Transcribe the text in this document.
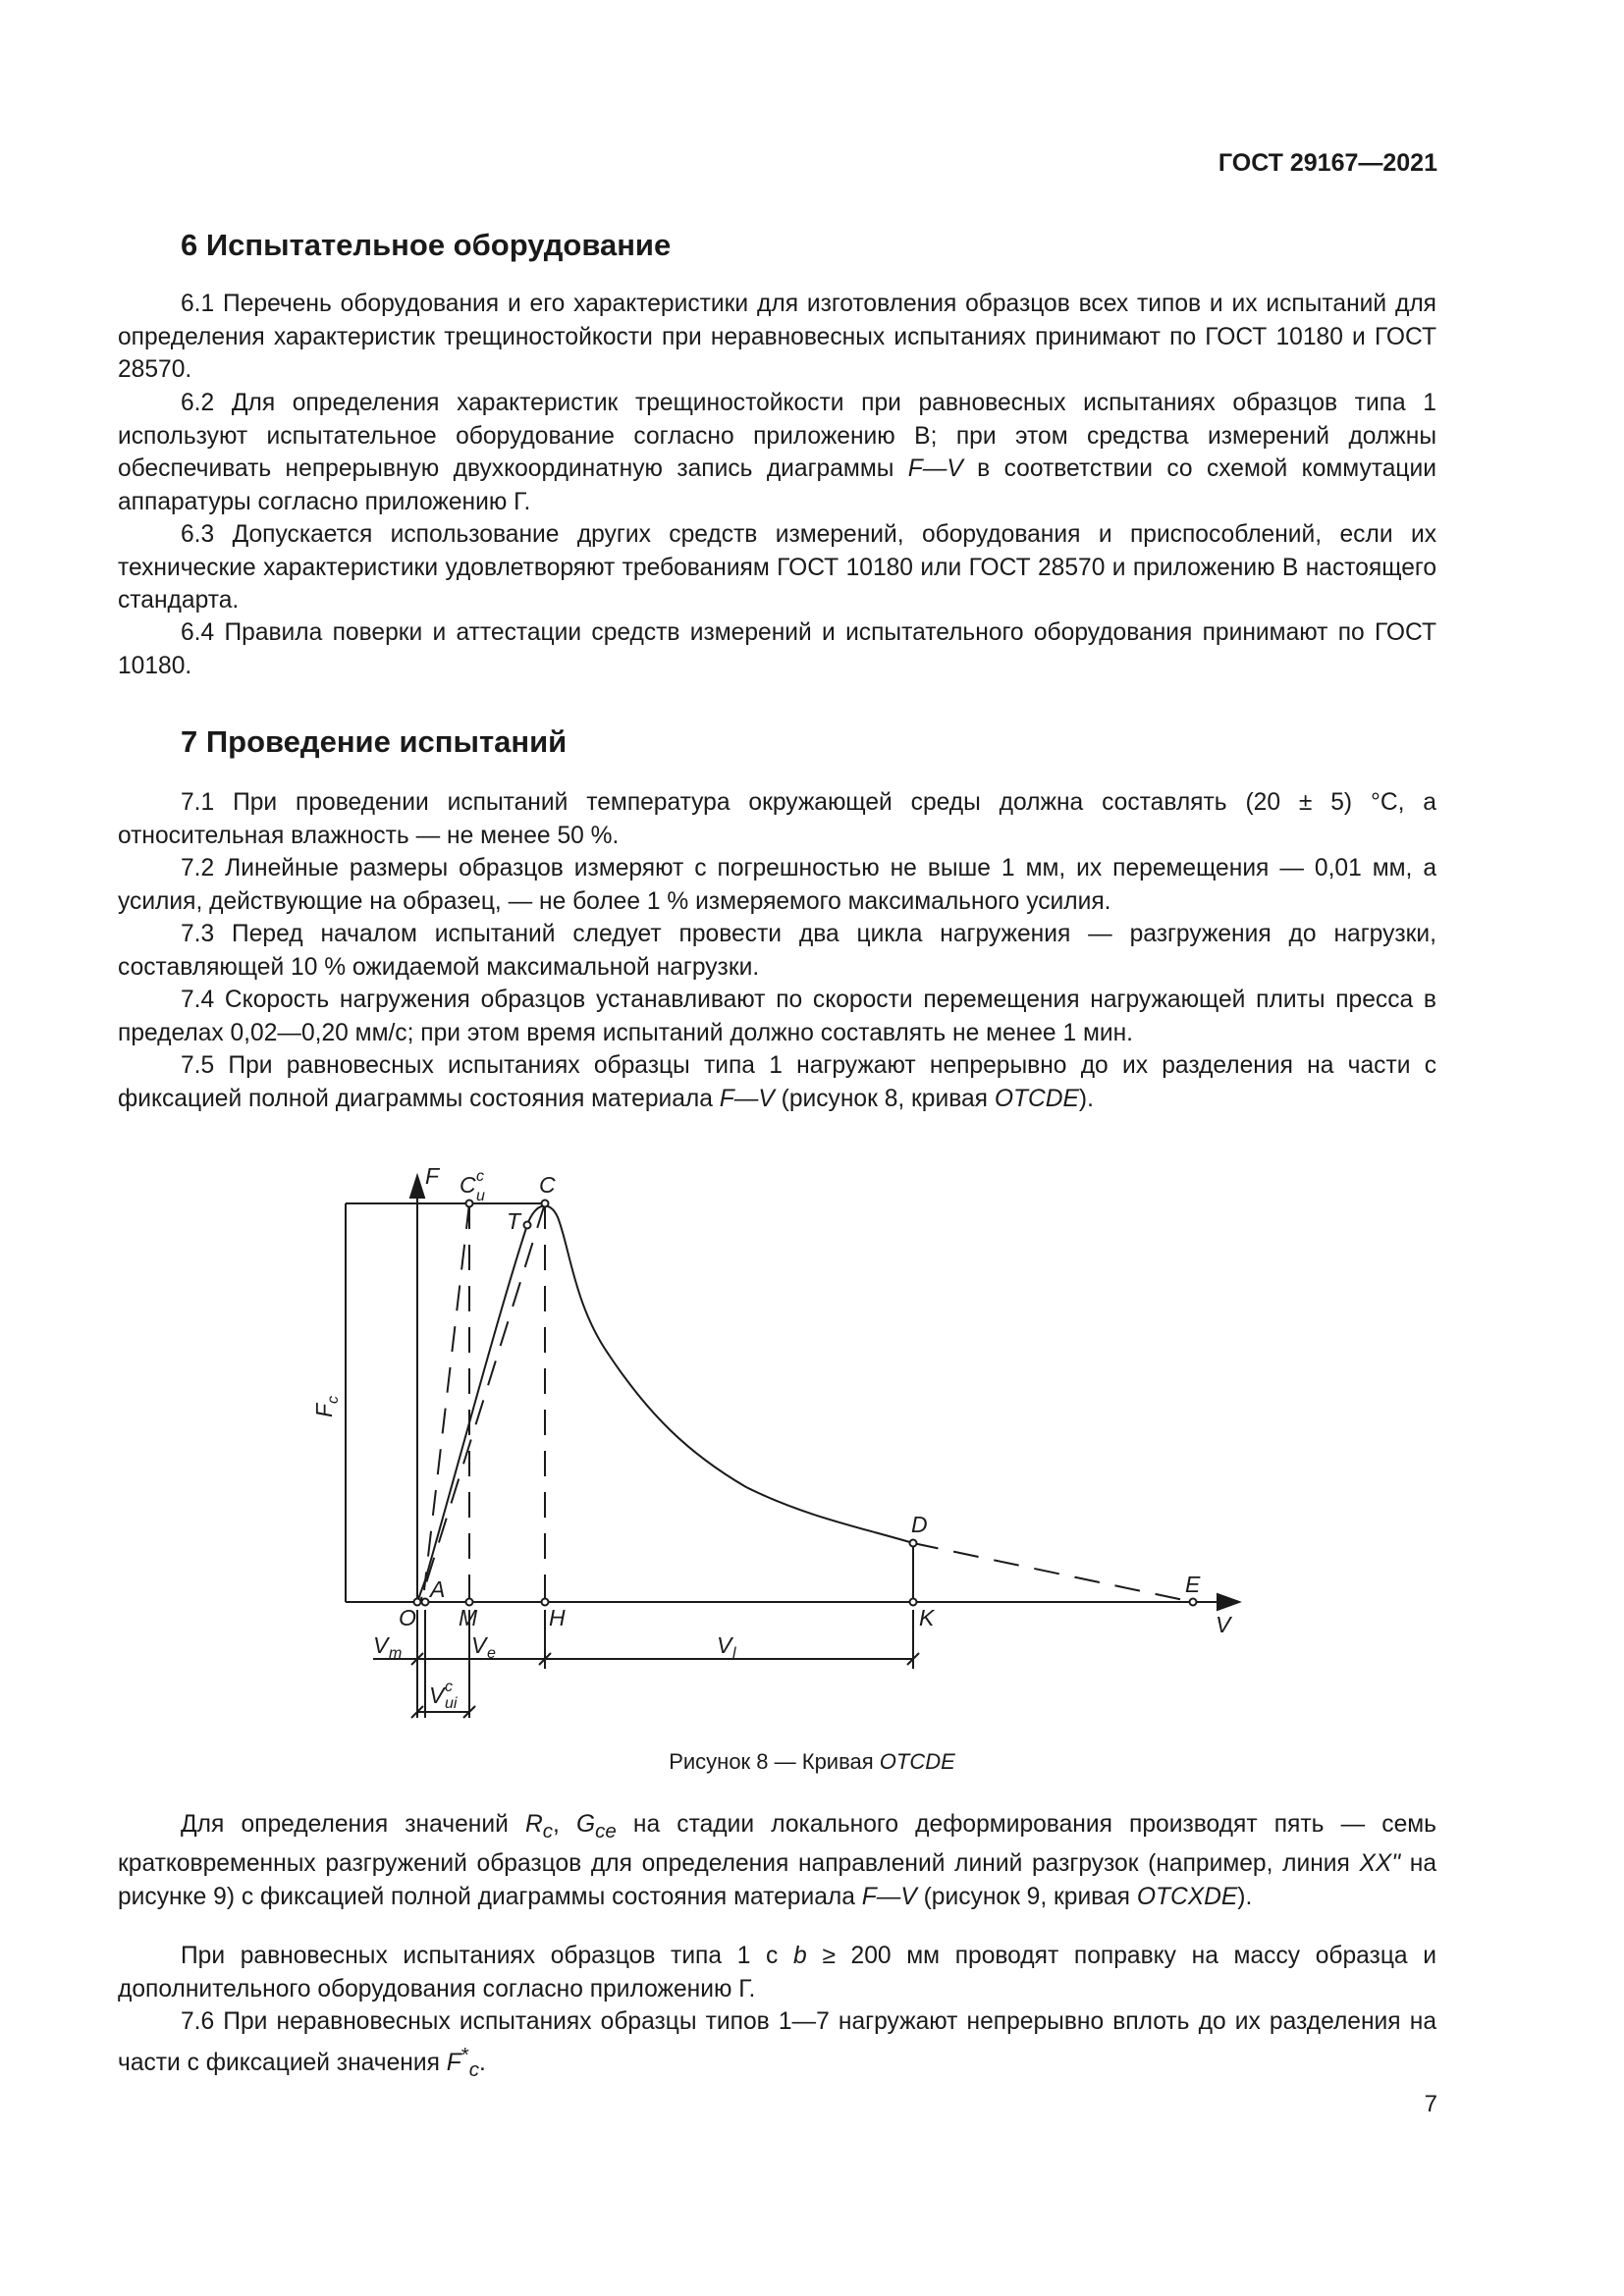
ГОСТ 29167—2021
6 Испытательное оборудование

6.1 Перечень оборудования и его характеристики для изготовления образцов всех типов и их испытаний для определения характеристик трещиностойкости при неравновесных испытаниях принимают по ГОСТ 10180 и ГОСТ 28570.

6.2 Для определения характеристик трещиностойкости при равновесных испытаниях образцов типа 1 используют испытательное оборудование согласно приложению В; при этом средства измерений должны обеспечивать непрерывную двухкоординатную запись диаграммы F—V в соответствии со схемой коммутации аппаратуры согласно приложению Г.

6.3 Допускается использование других средств измерений, оборудования и приспособлений, если их технические характеристики удовлетворяют требованиям ГОСТ 10180 или ГОСТ 28570 и приложению В настоящего стандарта.

6.4 Правила поверки и аттестации средств измерений и испытательного оборудования принимают по ГОСТ 10180.

7 Проведение испытаний

7.1 При проведении испытаний температура окружающей среды должна составлять (20 ± 5) °С, а относительная влажность — не менее 50 %.

7.2 Линейные размеры образцов измеряют с погрешностью не выше 1 мм, их перемещения — 0,01 мм, а усилия, действующие на образец, — не более 1 % измеряемого максимального усилия.

7.3 Перед началом испытаний следует провести два цикла нагружения — разгружения до нагрузки, составляющей 10 % ожидаемой максимальной нагрузки.

7.4 Скорость нагружения образцов устанавливают по скорости перемещения нагружающей плиты пресса в пределах 0,02—0,20 мм/с; при этом время испытаний должно составлять не менее 1 мин.

7.5 При равновесных испытаниях образцы типа 1 нагружают непрерывно до их разделения на части с фиксацией полной диаграммы состояния материала F—V (рисунок 8, кривая OTCDE).

F C c
u C
T
D
E
V
O
A
M	H	K
F
c
V m	V e	V l
V c
ui
Рисунок 8 — Кривая OTCDE

Для определения значений $R_c$, $G_{ce}$ на стадии локального деформирования производят пять — семь кратковременных разгружений образцов для определения направлений линий разгрузок (например, линия XX" на рисунке 9) с фиксацией полной диаграммы состояния материала F—V (рисунок 9, кривая OTCXDE).

При равновесных испытаниях образцов типа 1 с b ≥ 200 мм проводят поправку на массу образца и дополнительного оборудования согласно приложению Г.

7.6 При неравновесных испытаниях образцы типов 1—7 нагружают непрерывно вплоть до их разделения на части с фиксацией значения $F^*_c$.

7
